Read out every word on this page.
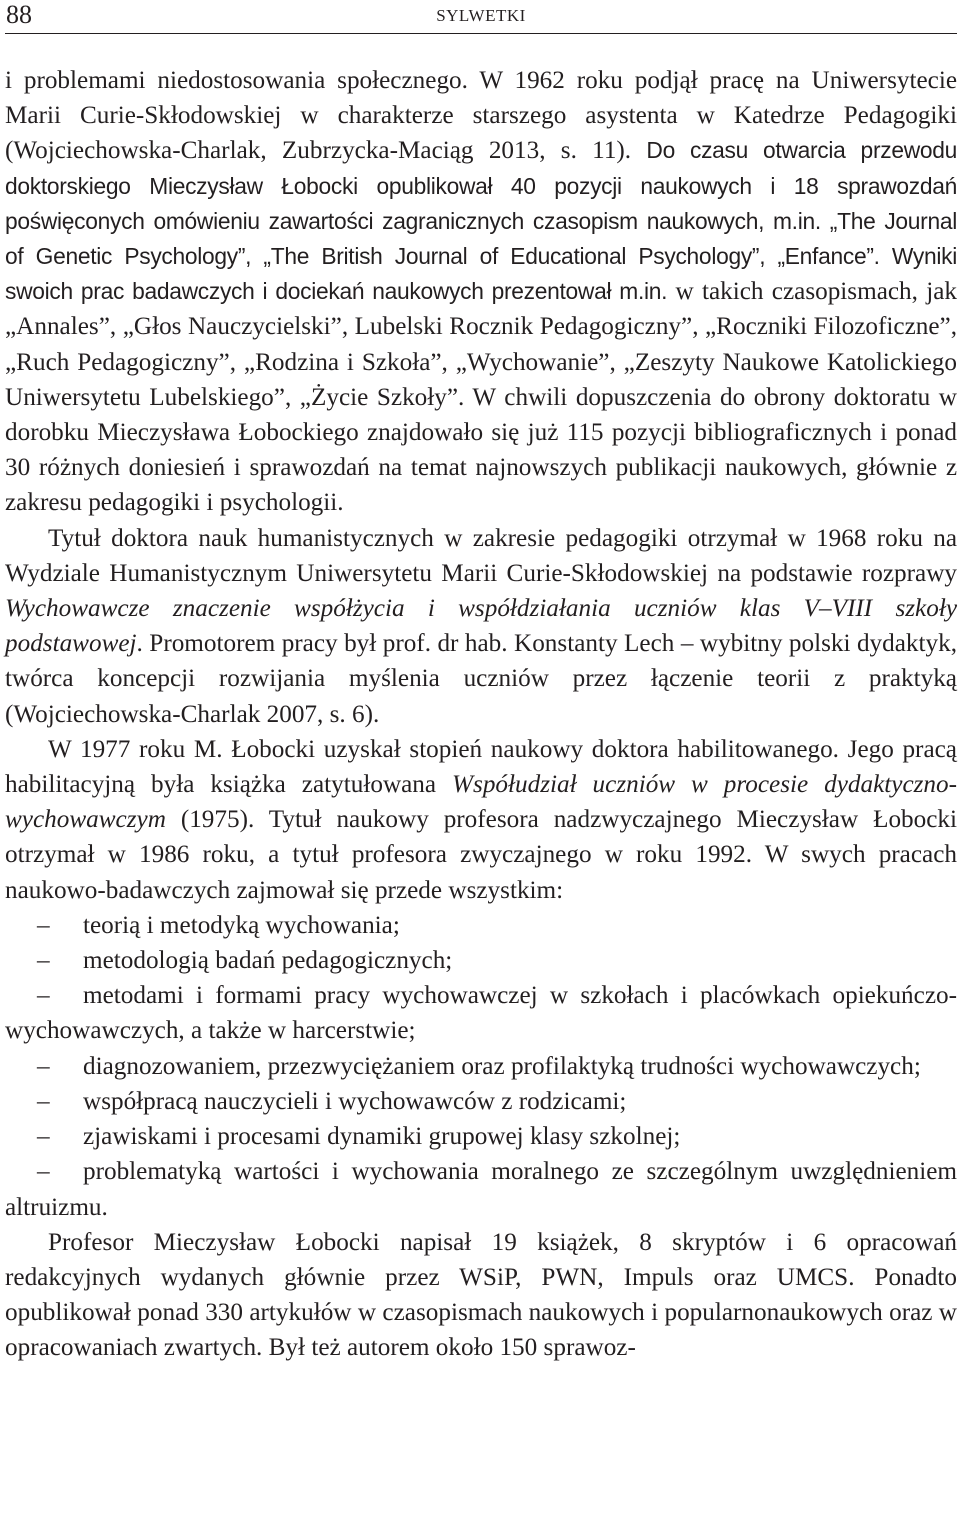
88	SYLWETKI

i problemami niedostosowania społecznego. W 1962 roku podjął pracę na Uniwersytecie Marii Curie-Skłodowskiej w charakterze starszego asystenta w Katedrze Pedagogiki (Wojciechowska-Charlak, Zubrzycka-Maciąg 2013, s. 11). Do czasu otwarcia przewodu doktorskiego Mieczysław Łobocki opublikował 40 pozycji naukowych i 18 sprawozdań poświęconych omówieniu zawartości zagranicznych czasopism naukowych, m.in. „The Journal of Genetic Psychology”, „The British Journal of Educational Psychology”, „Enfance”. Wyniki swoich prac badawczych i dociekań naukowych prezentował m.in. w takich czasopismach, jak „Annales”, „Głos Nauczycielski”, Lubelski Rocznik Pedagogiczny”, „Roczniki Filozoficzne”, „Ruch Pedagogiczny”, „Rodzina i Szkoła”, „Wychowanie”, „Zeszyty Naukowe Katolickiego Uniwersytetu Lubelskiego”, „Życie Szkoły”. W chwili dopuszczenia do obrony doktoratu w dorobku Mieczysława Łobockiego znajdowało się już 115 pozycji bibliograficznych i ponad 30 różnych doniesień i sprawozdań na temat najnowszych publikacji naukowych, głównie z zakresu pedagogiki i psychologii.

Tytuł doktora nauk humanistycznych w zakresie pedagogiki otrzymał w 1968 roku na Wydziale Humanistycznym Uniwersytetu Marii Curie-Skłodowskiej na podstawie rozprawy Wychowawcze znaczenie współżycia i współdziałania uczniów klas V–VIII szkoły podstawowej. Promotorem pracy był prof. dr hab. Konstanty Lech – wybitny polski dydaktyk, twórca koncepcji rozwijania myślenia uczniów przez łączenie teorii z praktyką (Wojciechowska-Charlak 2007, s. 6).

W 1977 roku M. Łobocki uzyskał stopień naukowy doktora habilitowanego. Jego pracą habilitacyjną była książka zatytułowana Współudział uczniów w procesie dydaktyczno-wychowawczym (1975). Tytuł naukowy profesora nadzwyczajnego Mieczysław Łobocki otrzymał w 1986 roku, a tytuł profesora zwyczajnego w roku 1992. W swych pracach naukowo-badawczych zajmował się przede wszystkim:

– teorią i metodyką wychowania;

– metodologią badań pedagogicznych;

– metodami i formami pracy wychowawczej w szkołach i placówkach opiekuńczo-wychowawczych, a także w harcerstwie;

– diagnozowaniem, przezwyciężaniem oraz profilaktyką trudności wychowawczych;

– współpracą nauczycieli i wychowawców z rodzicami;

– zjawiskami i procesami dynamiki grupowej klasy szkolnej;

– problematyką wartości i wychowania moralnego ze szczególnym uwzględnieniem altruizmu.

Profesor Mieczysław Łobocki napisał 19 książek, 8 skryptów i 6 opracowań redakcyjnych wydanych głównie przez WSiP, PWN, Impuls oraz UMCS. Ponadto opublikował ponad 330 artykułów w czasopismach naukowych i popularnonaukowych oraz w opracowaniach zwartych. Był też autorem około 150 sprawoz-
